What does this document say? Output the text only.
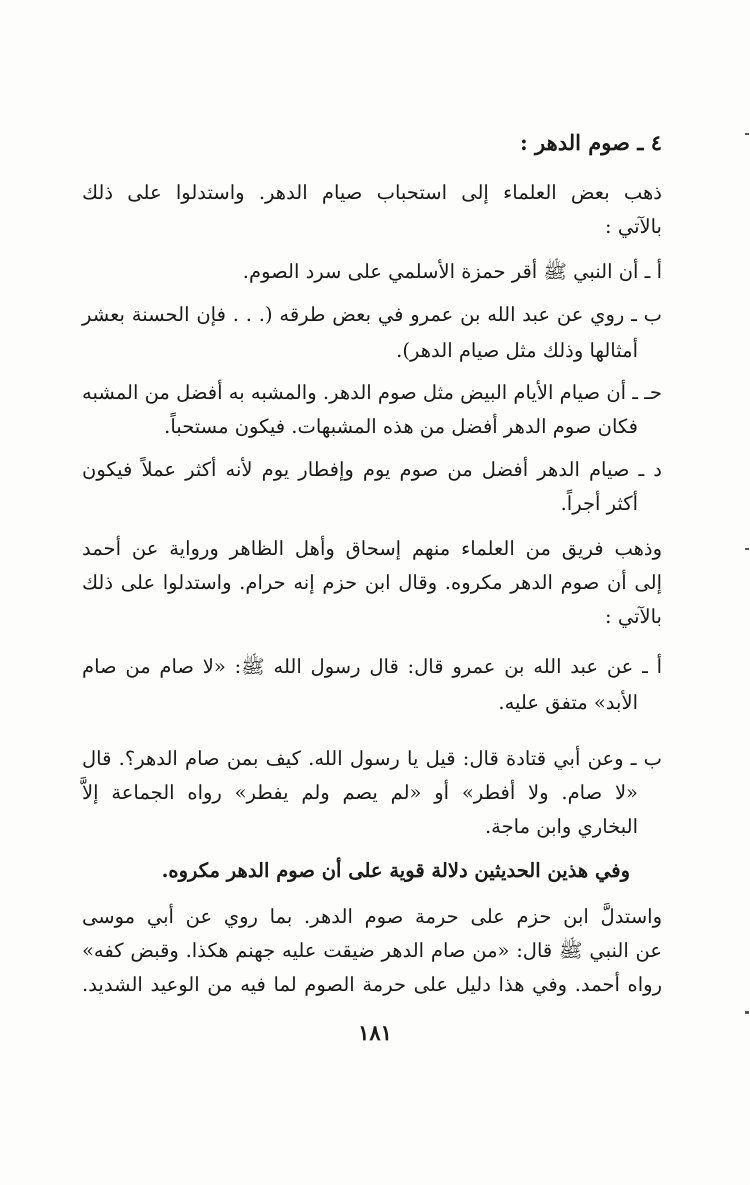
٤ ـ صوم الدهر :
ذهب بعض العلماء إلى استحباب صيام الدهر. واستدلوا على ذلك
بالآتي :
أ ـ أن النبي ﷺ أقر حمزة الأسلمي على سرد الصوم.
ب ـ روي عن عبد الله بن عمرو في بعض طرقه (. . . فإن الحسنة بعشر
أمثالها وذلك مثل صيام الدهر).
حـ ـ أن صيام الأيام البيض مثل صوم الدهر. والمشبه به أفضل من المشبه
فكان صوم الدهر أفضل من هذه المشبهات. فيكون مستحباً.
د ـ صيام الدهر أفضل من صوم يوم وإفطار يوم لأنه أكثر عملاً فيكون
أكثر أجراً.
وذهب فريق من العلماء منهم إسحاق وأهل الظاهر ورواية عن أحمد
إلى أن صوم الدهر مكروه. وقال ابن حزم إنه حرام. واستدلوا على ذلك
بالآتي :
أ ـ عن عبد الله بن عمرو قال: قال رسول الله ﷺ: «لا صام من صام
الأبد» متفق عليه.
ب ـ وعن أبي قتادة قال: قيل يا رسول الله. كيف بمن صام الدهر؟. قال
«لا صام. ولا أفطر» أو «لم يصم ولم يفطر» رواه الجماعة إلاَّ
البخاري وابن ماجة.
وفي هذين الحديثين دلالة قوية على أن صوم الدهر مكروه.
واستدلَّ ابن حزم على حرمة صوم الدهر. بما روي عن أبي موسى
عن النبي ﷺ قال: «من صام الدهر ضيقت عليه جهنم هكذا. وقبض كفه»
رواه أحمد. وفي هذا دليل على حرمة الصوم لما فيه من الوعيد الشديد.
١٨١
